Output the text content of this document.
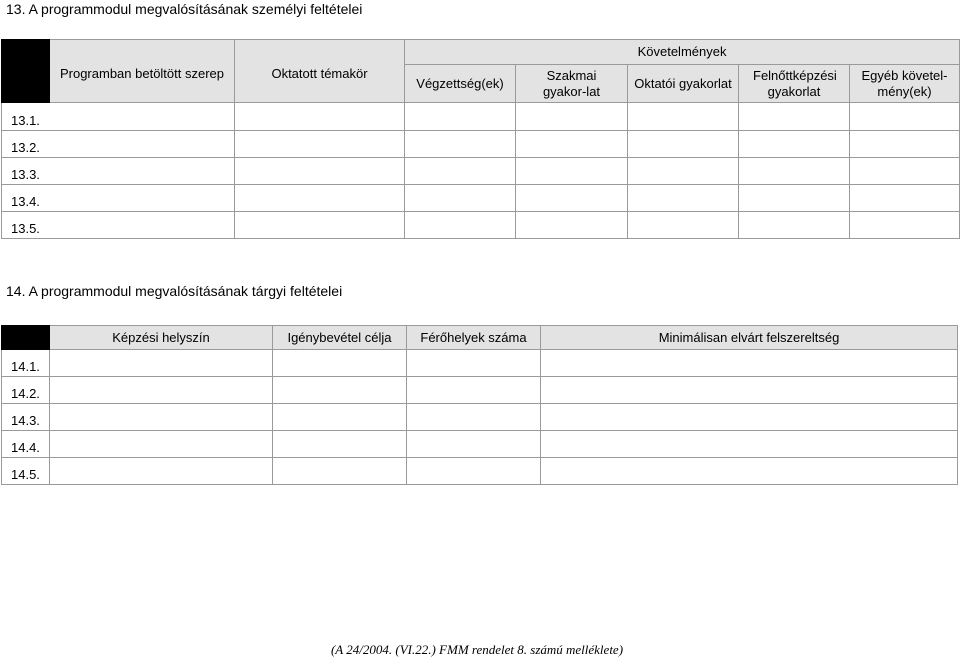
13. A programmodul megvalósításának személyi feltételei
	Programban betöltött szerep	Oktatott témakör	Követelmények				
			Végzettség(ek)	Szakmai gyakor-lat	Oktatói gyakorlat	Felnőttképzési gyakorlat	Egyéb követel-mény(ek)
13.1.							
13.2.							
13.3.							
13.4.							
13.5.							
14. A programmodul megvalósításának tárgyi feltételei
	Képzési helyszín	Igénybevétel célja	Férőhelyek száma	Minimálisan elvárt felszereltség
14.1.				
14.2.				
14.3.				
14.4.				
14.5.				
(A 24/2004. (VI.22.) FMM rendelet 8. számú melléklete)
